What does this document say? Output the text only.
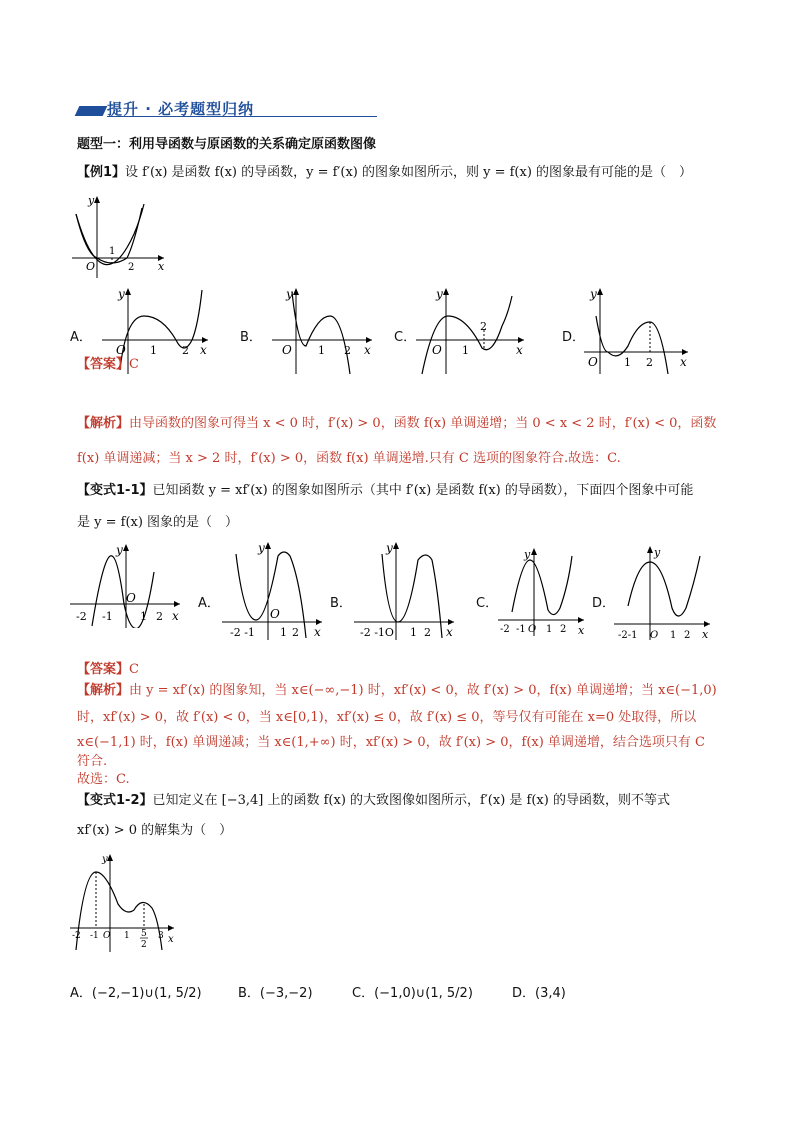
提升 · 必考题型归纳
题型一：利用导函数与原函数的关系确定原函数图像
【例1】设 f′(x) 是函数 f(x) 的导函数，y = f′(x) 的图象如图所示，则 y = f(x) 的图象最有可能的是（　）
y
x
O
1
2
A．
y
x
O 1 2
B．
y
x
O 1 2
C．
y
x
O 1
2
D．
y
x
O 1 2
【答案】C
【解析】由导函数的图象可得当 x < 0 时，f′(x) > 0，函数 f(x) 单调递增；当 0 < x < 2 时，f′(x) < 0，函数
f(x) 单调递减；当 x > 2 时，f′(x) > 0，函数 f(x) 单调递增.只有 C 选项的图象符合.故选：C.
【变式1-1】已知函数 y = xf′(x) 的图象如图所示（其中 f′(x) 是函数 f(x) 的导函数），下面四个图象中可能
是 y = f(x) 图象的是（　）
y
x
O
-2 -1 1 2
A．
y
x
O
-2 -1 1 2
B．
y
x
-2 -1O 1 2
C．
y
x
-2 -1 O 1 2
D．
y
x
-2-1 O 1 2
【答案】C
【解析】由 y = xf′(x) 的图象知，当 x∈(−∞,−1) 时，xf′(x) < 0，故 f′(x) > 0，f(x) 单调递增；当 x∈(−1,0)
时，xf′(x) > 0，故 f′(x) < 0，当 x∈[0,1)，xf′(x) ≤ 0，故 f′(x) ≤ 0，等号仅有可能在 x=0 处取得，所以
x∈(−1,1) 时，f(x) 单调递减；当 x∈(1,+∞) 时，xf′(x) > 0，故 f′(x) > 0，f(x) 单调递增，结合选项只有 C
符合.
故选：C.
【变式1-2】已知定义在 [−3,4] 上的函数 f(x) 的大致图像如图所示，f′(x) 是 f(x) 的导函数，则不等式
xf′(x) > 0 的解集为（　）
y
x
-2 -1 O 1 5
2
3
A．(−2,−1)∪(1, 5/2)	B．(−3,−2)	C．(−1,0)∪(1, 5/2)	D．(3,4)
